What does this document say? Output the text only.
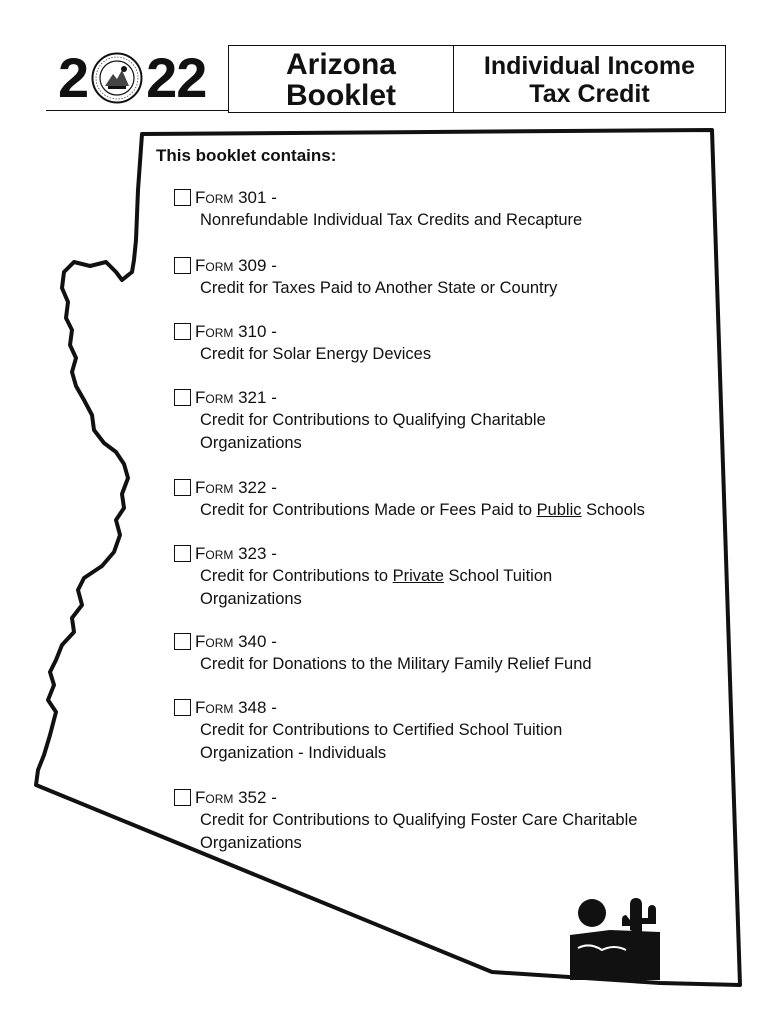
2 22	Arizona
Booklet
Individual Income
Tax Credit
This booklet contains:
Form 301 -
Nonrefundable Individual Tax Credits and Recapture
Form 309 -
Credit for Taxes Paid to Another State or Country
Form 310 -
Credit for Solar Energy Devices
Form 321 -
Credit for Contributions to Qualifying Charitable
Organizations
Form 322 -
Credit for Contributions Made or Fees Paid to Public Schools
Form 323 -
Credit for Contributions to Private School Tuition
Organizations
Form 340 -
Credit for Donations to the Military Family Relief Fund
Form 348 -
Credit for Contributions to Certified School Tuition
Organization - Individuals
Form 352 -
Credit for Contributions to Qualifying Foster Care Charitable
Organizations
